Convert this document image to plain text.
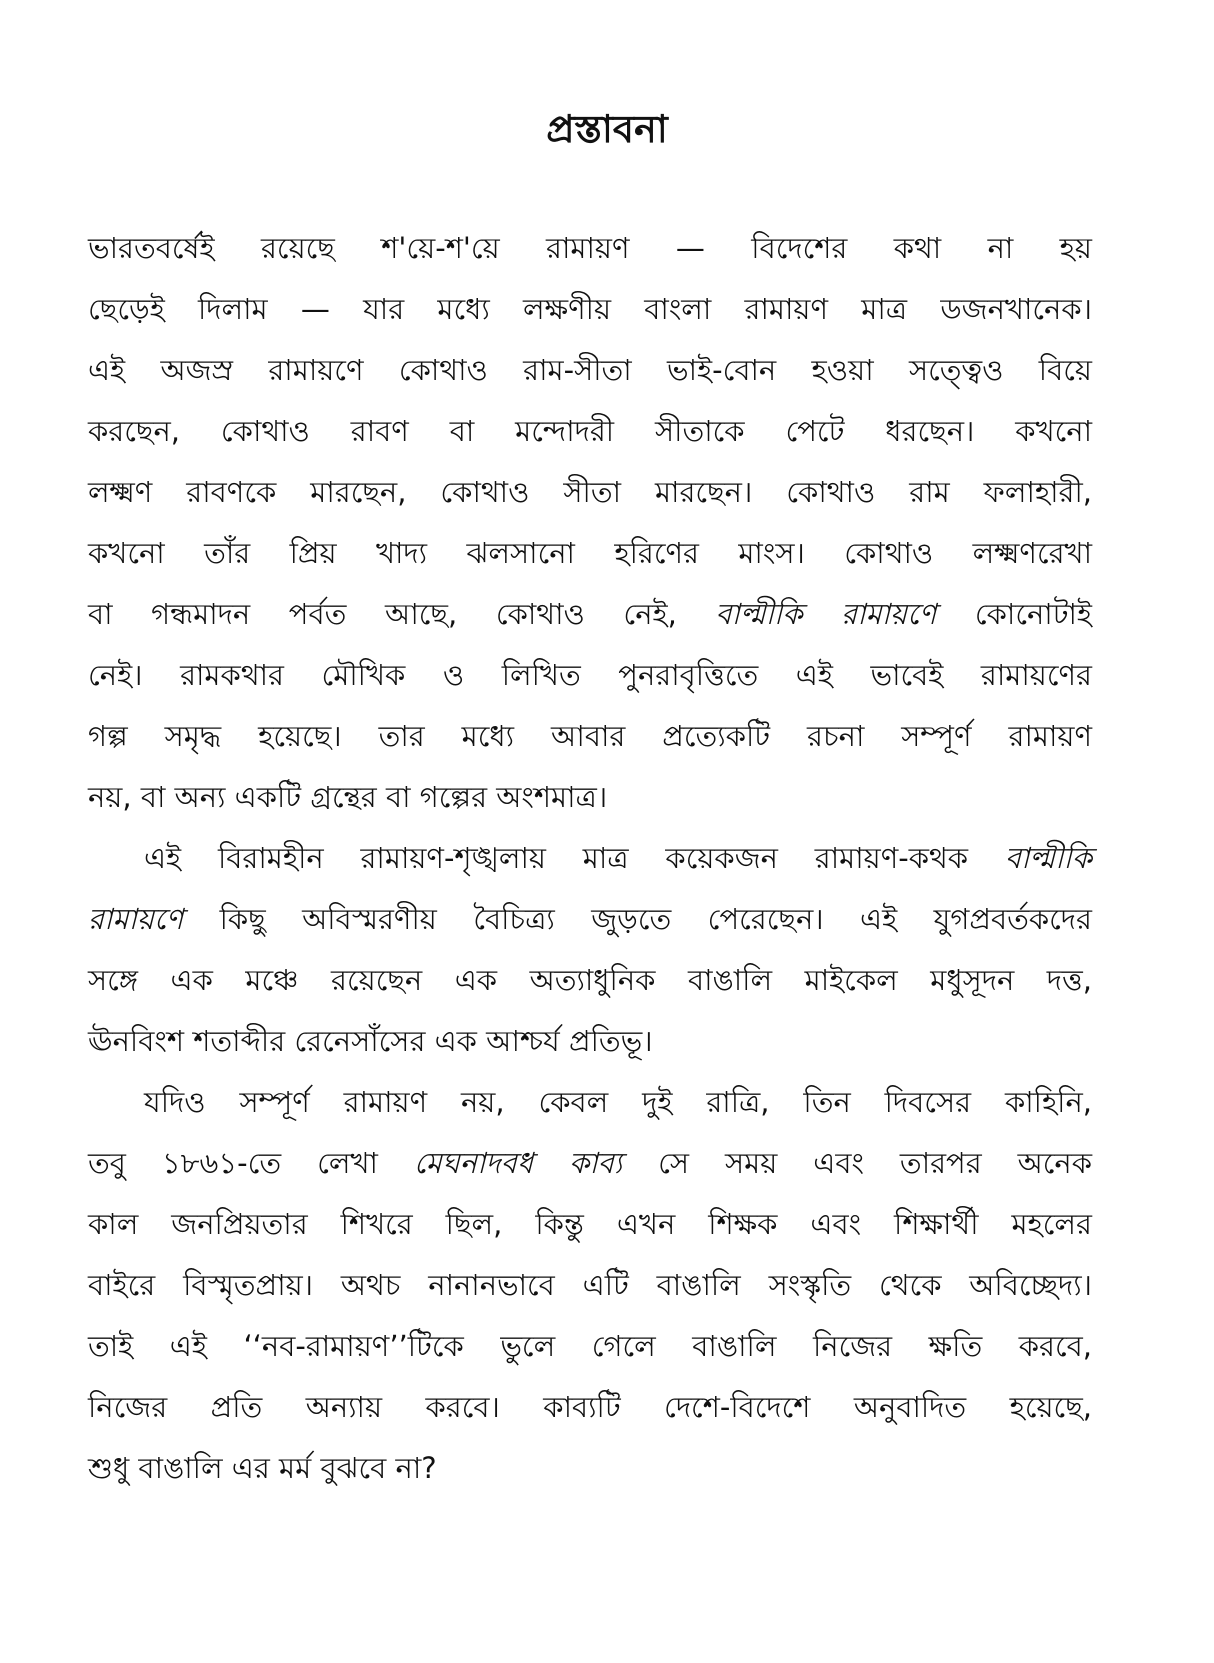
প্রস্তাবনা
ভারতবর্ষেই রয়েছে শ'য়ে-শ'য়ে রামায়ণ — বিদেশের কথা না হয়
ছেড়েই দিলাম — যার মধ্যে লক্ষণীয় বাংলা রামায়ণ মাত্র ডজনখানেক।
এই অজস্র রামায়ণে কোথাও রাম-সীতা ভাই-বোন হওয়া সত্ত্বেও বিয়ে
করছেন, কোথাও রাবণ বা মন্দোদরী সীতাকে পেটে ধরছেন। কখনো
লক্ষ্মণ রাবণকে মারছেন, কোথাও সীতা মারছেন। কোথাও রাম ফলাহারী,
কখনো তাঁর প্রিয় খাদ্য ঝলসানো হরিণের মাংস। কোথাও লক্ষ্মণরেখা
বা গন্ধমাদন পর্বত আছে, কোথাও নেই, বাল্মীকি রামায়ণে কোনোটাই
নেই। রামকথার মৌখিক ও লিখিত পুনরাবৃত্তিতে এই ভাবেই রামায়ণের
গল্প সমৃদ্ধ হয়েছে। তার মধ্যে আবার প্রত্যেকটি রচনা সম্পূর্ণ রামায়ণ
নয়, বা অন্য একটি গ্রন্থের বা গল্পের অংশমাত্র।
এই বিরামহীন রামায়ণ-শৃঙ্খলায় মাত্র কয়েকজন রামায়ণ-কথক বাল্মীকি
রামায়ণে কিছু অবিস্মরণীয় বৈচিত্র্য জুড়তে পেরেছেন। এই যুগপ্রবর্তকদের
সঙ্গে এক মঞ্চে রয়েছেন এক অত্যাধুনিক বাঙালি মাইকেল মধুসূদন দত্ত,
ঊনবিংশ শতাব্দীর রেনেসাঁসের এক আশ্চর্য প্রতিভূ।
যদিও সম্পূর্ণ রামায়ণ নয়, কেবল দুই রাত্রি, তিন দিবসের কাহিনি,
তবু ১৮৬১-তে লেখা মেঘনাদবধ কাব্য সে সময় এবং তারপর অনেক
কাল জনপ্রিয়তার শিখরে ছিল, কিন্তু এখন শিক্ষক এবং শিক্ষার্থী মহলের
বাইরে বিস্মৃতপ্রায়। অথচ নানানভাবে এটি বাঙালি সংস্কৃতি থেকে অবিচ্ছেদ্য।
তাই এই ‘‘নব-রামায়ণ’’টিকে ভুলে গেলে বাঙালি নিজের ক্ষতি করবে,
নিজের প্রতি অন্যায় করবে। কাব্যটি দেশে-বিদেশে অনুবাদিত হয়েছে,
শুধু বাঙালি এর মর্ম বুঝবে না?
